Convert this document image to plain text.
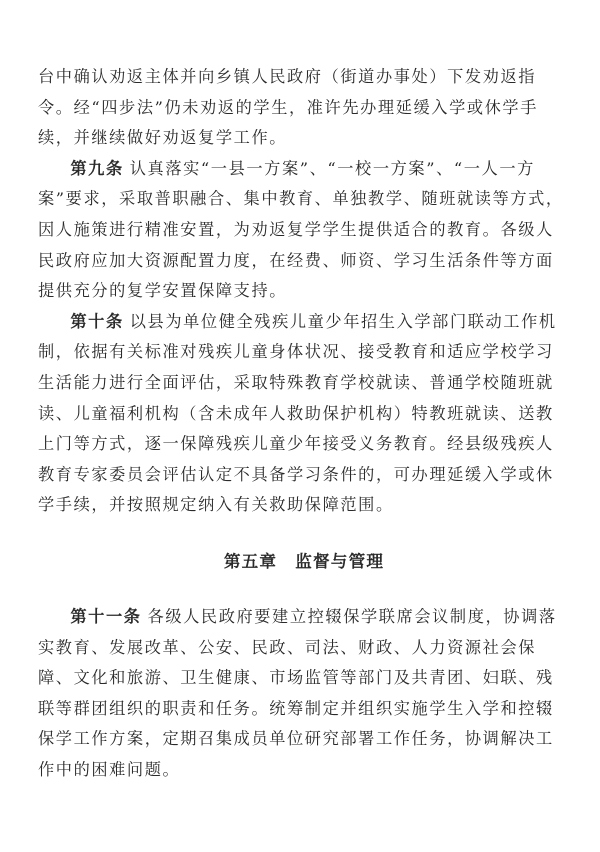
台中确认劝返主体并向乡镇人民政府（街道办事处）下发劝返指令。经“四步法”仍未劝返的学生，准许先办理延缓入学或休学手续，并继续做好劝返复学工作。

第九条 认真落实“一县一方案”、“一校一方案”、“一人一方案”要求，采取普职融合、集中教育、单独教学、随班就读等方式，因人施策进行精准安置，为劝返复学学生提供适合的教育。各级人民政府应加大资源配置力度，在经费、师资、学习生活条件等方面提供充分的复学安置保障支持。

第十条 以县为单位健全残疾儿童少年招生入学部门联动工作机制，依据有关标准对残疾儿童身体状况、接受教育和适应学校学习生活能力进行全面评估，采取特殊教育学校就读、普通学校随班就读、儿童福利机构（含未成年人救助保护机构）特教班就读、送教上门等方式，逐一保障残疾儿童少年接受义务教育。经县级残疾人教育专家委员会评估认定不具备学习条件的，可办理延缓入学或休学手续，并按照规定纳入有关救助保障范围。

第五章 监督与管理

第十一条 各级人民政府要建立控辍保学联席会议制度，协调落实教育、发展改革、公安、民政、司法、财政、人力资源社会保障、文化和旅游、卫生健康、市场监管等部门及共青团、妇联、残联等群团组织的职责和任务。统筹制定并组织实施学生入学和控辍保学工作方案，定期召集成员单位研究部署工作任务，协调解决工作中的困难问题。
